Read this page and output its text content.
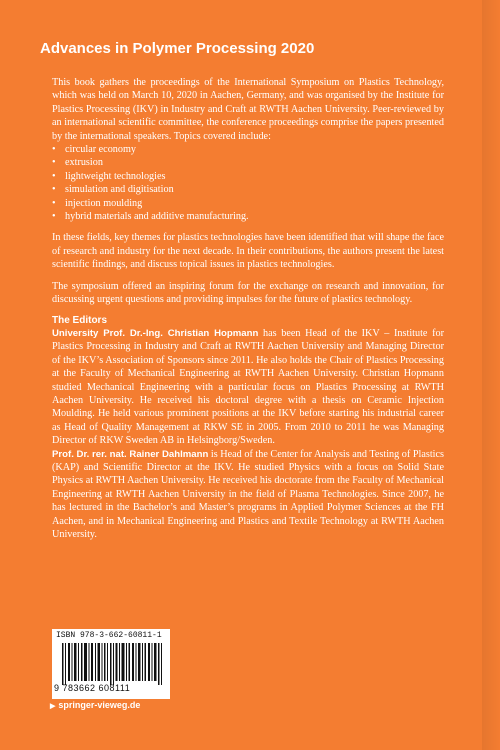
Advances in Polymer Processing 2020

This book gathers the proceedings of the International Symposium on Plastics Technology, which was held on March 10, 2020 in Aachen, Germany, and was organised by the Institute for Plastics Processing (IKV) in Industry and Craft at RWTH Aachen University. Peer-reviewed by an international scientific committee, the conference proceedings comprise the papers presented by the international speakers. Topics covered include:

• circular economy
• extrusion
• lightweight technologies
• simulation and digitisation
• injection moulding
• hybrid materials and additive manufacturing.

In these fields, key themes for plastics technologies have been identified that will shape the face of research and industry for the next decade. In their contributions, the authors present the latest scientific findings, and discuss topical issues in plastics technologies.

The symposium offered an inspiring forum for the exchange on research and innovation, for discussing urgent questions and providing impulses for the future of plastics technology.

The Editors

University Prof. Dr.-Ing. Christian Hopmann has been Head of the IKV – Institute for Plastics Processing in Industry and Craft at RWTH Aachen University and Managing Director of the IKV’s Association of Sponsors since 2011. He also holds the Chair of Plastics Processing at the Faculty of Mechanical Engineering at RWTH Aachen University. Christian Hopmann studied Mechanical Engineering with a particular focus on Plastics Processing at RWTH Aachen University. He received his doctoral degree with a thesis on Ceramic Injection Moulding. He held various prominent positions at the IKV before starting his industrial career as Head of Quality Management at RKW SE in 2005. From 2010 to 2011 he was Managing Director of RKW Sweden AB in Helsingborg/Sweden.

Prof. Dr. rer. nat. Rainer Dahlmann is Head of the Center for Analysis and Testing of Plastics (KAP) and Scientific Director at the IKV. He studied Physics with a focus on Solid State Physics at RWTH Aachen University. He received his doctorate from the Faculty of Mechanical Engineering at RWTH Aachen University in the field of Plasma Technologies. Since 2007, he has lectured in the Bachelor’s and Master’s programs in Applied Polymer Sciences at the FH Aachen, and in Mechanical Engineering and Plastics and Textile Technology at RWTH Aachen University.

ISBN 978-3-662-60811-1
9 783662 608111
▶ springer-vieweg.de
